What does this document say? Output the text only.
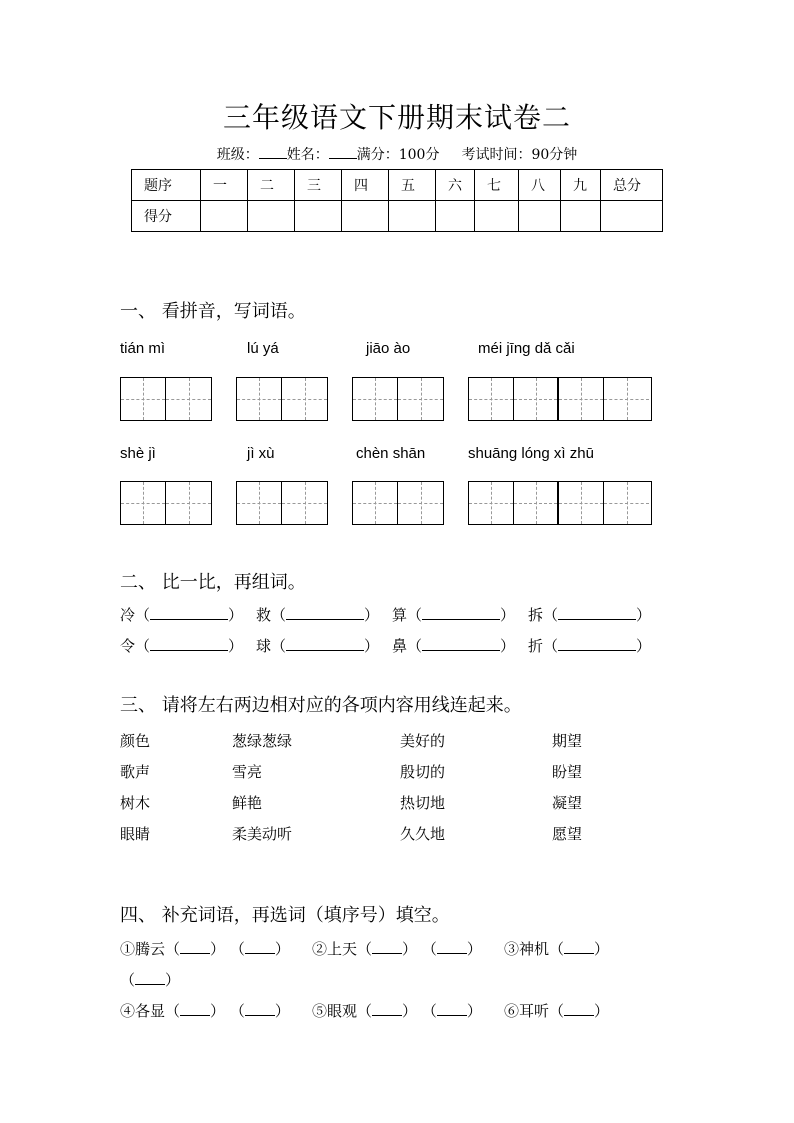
三年级语文下册期末试卷二
班级： 姓名： 满分：100分 考试时间：90分钟
题序	一	二	三	四	五	六	七	八	九	总分
得分										
一、 看拼音，写词语。
tián mì	lú yá	jiāo ào	méi jīng dǎ cǎi
shè jì	jì xù	chèn shān	shuāng lóng xì zhū
二、 比一比，再组词。
冷（	） 救（	） 算（	） 拆（	）
令（	） 球（	） 鼻（	） 折（	）
三、 请将左右两边相对应的各项内容用线连起来。
颜色	葱绿葱绿	美好的	期望
歌声	雪亮	殷切的	盼望
树木	鲜艳	热切地	凝望
眼睛	柔美动听	久久地	愿望
四、 补充词语，再选词（填序号）填空。
①腾云（ ） （ ） ②上天（ ） （ ） ③神机（ ）
（ ）
④各显（ ） （ ） ⑤眼观（ ） （ ） ⑥耳听（ ）
